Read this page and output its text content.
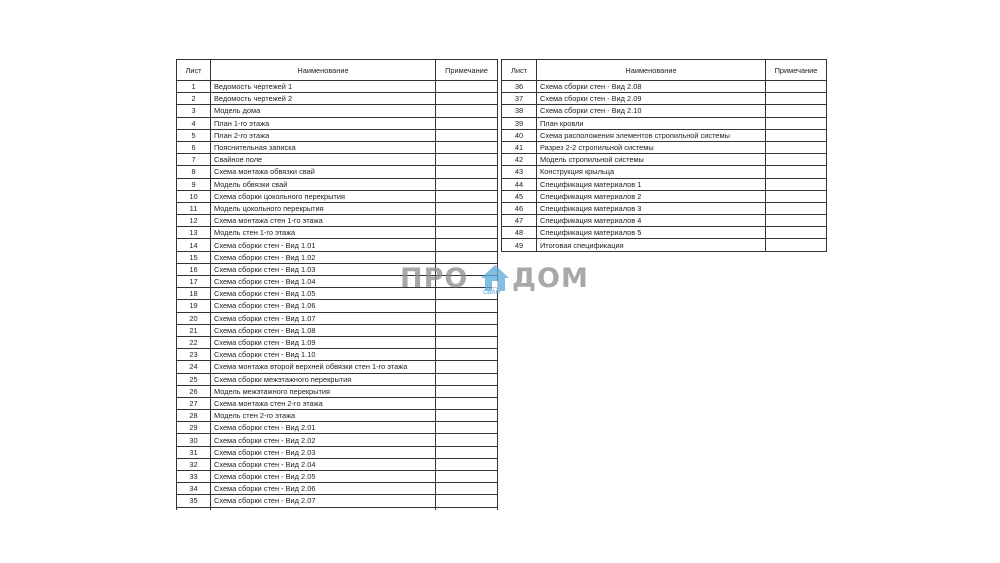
Лист	Наименование	Примечание
1	Ведомость чертежей 1	
2	Ведомость чертежей 2	
3	Модель дома	
4	План 1-го этажа	
5	План 2-го этажа	
6	Пояснительная записка	
7	Свайное поле	
8	Схема монтажа обвязки свай	
9	Модель обвязки свай	
10	Схема сборки цокольного перекрытия	
11	Модель цокольного перекрытия	
12	Схема монтажа стен 1-го этажа	
13	Модель стен 1-го этажа	
14	Схема сборки стен - Вид 1.01	
15	Схема сборки стен - Вид 1.02	
16	Схема сборки стен - Вид 1.03	
17	Схема сборки стен - Вид 1.04	
18	Схема сборки стен - Вид 1.05	
19	Схема сборки стен - Вид 1.06	
20	Схема сборки стен - Вид 1.07	
21	Схема сборки стен - Вид 1.08	
22	Схема сборки стен - Вид 1.09	
23	Схема сборки стен - Вид 1.10	
24	Схема монтажа второй верхней обвязки стен 1-го этажа	
25	Схема сборки межэтажного перекрытия	
26	Модель межэтажного перекрытия	
27	Схема монтажа стен 2-го этажа	
28	Модель стен 2-го этажа	
29	Схема сборки стен - Вид 2.01	
30	Схема сборки стен - Вид 2.02	
31	Схема сборки стен - Вид 2.03	
32	Схема сборки стен - Вид 2.04	
33	Схема сборки стен - Вид 2.05	
34	Схема сборки стен - Вид 2.06	
35	Схема сборки стен - Вид 2.07	

Лист	Наименование	Примечание
36	Схема сборки стен - Вид 2.08	
37	Схема сборки стен - Вид 2.09	
38	Схема сборки стен - Вид 2.10	
39	План кровли	
40	Схема расположения элементов стропильной системы	
41	Разрез 2-2 стропильной системы	
42	Модель стропильной системы	
43	Конструкция крыльца	
44	Спецификация материалов 1	
45	Спецификация материалов 2	
46	Спецификация материалов 3	
47	Спецификация материалов 4	
48	Спецификация материалов 5	
49	Итоговая спецификация	
ПРО СВАЙ ДОМ
